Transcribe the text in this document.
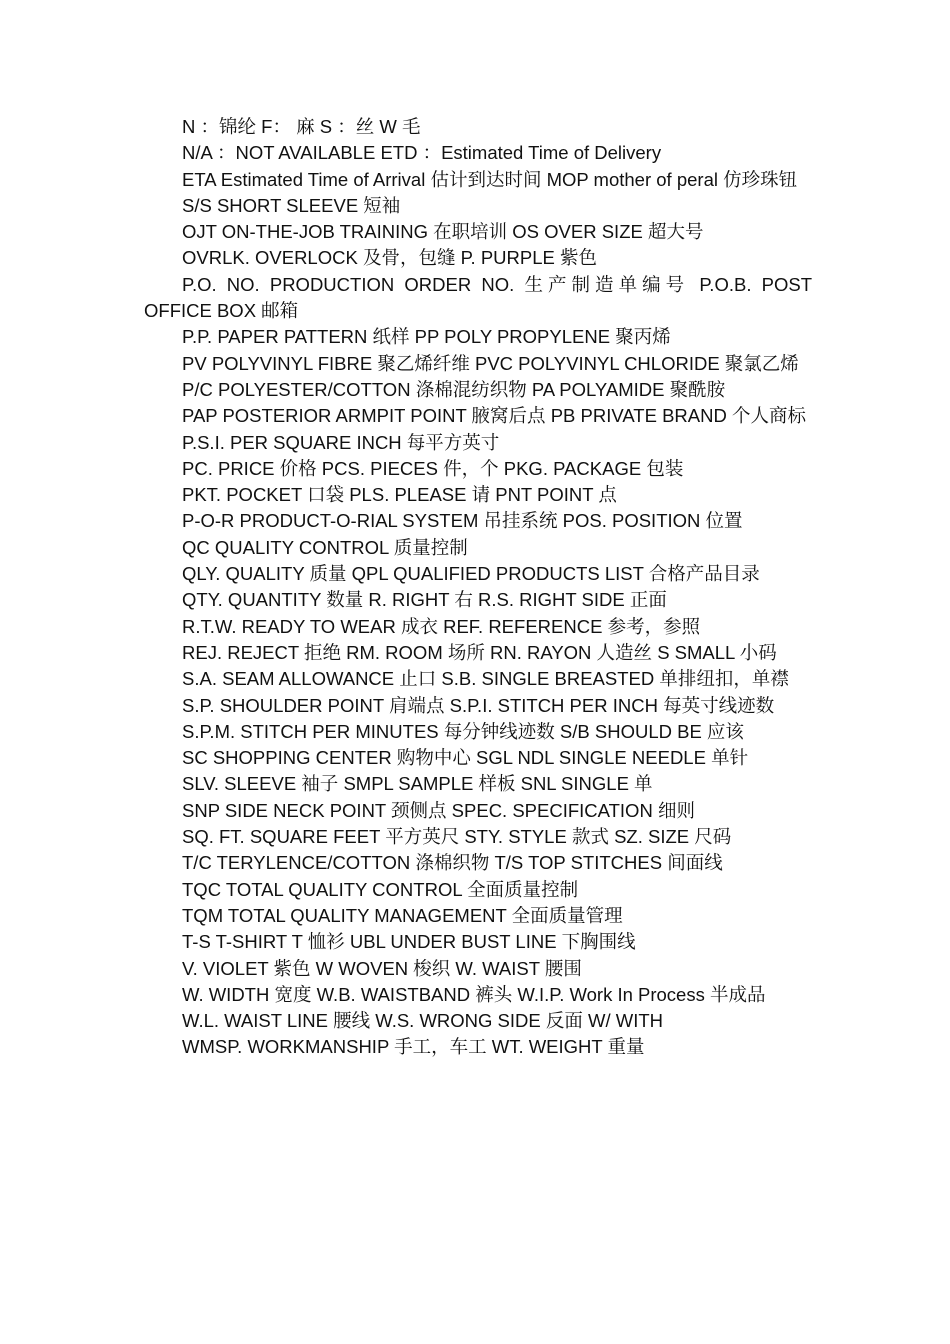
N ：锦纶 F： 麻 S ：丝 W 毛

N/A ：NOT AVAILABLE ETD ：Estimated Time of Delivery

ETA Estimated Time of Arrival 估计到达时间 MOP mother of peral 仿珍珠钮

S/S SHORT SLEEVE 短袖

OJT ON-THE-JOB TRAINING 在职培训 OS OVER SIZE 超大号

OVRLK. OVERLOCK 及骨，包缝 P. PURPLE 紫色

P.O. NO. PRODUCTION ORDER NO. 生产制造单编号 P.O.B. POST OFFICE BOX 邮箱

P.P. PAPER PATTERN 纸样 PP POLY PROPYLENE 聚丙烯

PV POLYVINYL FIBRE 聚乙烯纤维 PVC POLYVINYL CHLORIDE 聚氯乙烯

P/C POLYESTER/COTTON 涤棉混纺织物 PA POLYAMIDE 聚酰胺

PAP POSTERIOR ARMPIT POINT 腋窝后点 PB PRIVATE BRAND 个人商标

P.S.I. PER SQUARE INCH 每平方英寸

PC. PRICE 价格 PCS. PIECES 件，个 PKG. PACKAGE 包装

PKT. POCKET 口袋 PLS. PLEASE 请 PNT POINT 点

P-O-R PRODUCT-O-RIAL SYSTEM 吊挂系统 POS. POSITION 位置

QC QUALITY CONTROL 质量控制

QLY. QUALITY 质量 QPL QUALIFIED PRODUCTS LIST 合格产品目录

QTY. QUANTITY 数量 R. RIGHT 右 R.S. RIGHT SIDE 正面

R.T.W. READY TO WEAR 成衣 REF. REFERENCE 参考，参照

REJ. REJECT 拒绝 RM. ROOM 场所 RN. RAYON 人造丝 S SMALL 小码

S.A. SEAM ALLOWANCE 止口 S.B. SINGLE BREASTED 单排纽扣，单襟

S.P. SHOULDER POINT 肩端点 S.P.I. STITCH PER INCH 每英寸线迹数

S.P.M. STITCH PER MINUTES 每分钟线迹数 S/B SHOULD BE 应该

SC SHOPPING CENTER 购物中心 SGL NDL SINGLE NEEDLE 单针

SLV. SLEEVE 袖子 SMPL SAMPLE 样板 SNL SINGLE 单

SNP SIDE NECK POINT 颈侧点 SPEC. SPECIFICATION 细则

SQ. FT. SQUARE FEET 平方英尺 STY. STYLE 款式 SZ. SIZE 尺码

T/C TERYLENCE/COTTON 涤棉织物 T/S TOP STITCHES 间面线

TQC TOTAL QUALITY CONTROL 全面质量控制

TQM TOTAL QUALITY MANAGEMENT 全面质量管理

T-S T-SHIRT T 恤衫 UBL UNDER BUST LINE 下胸围线

V. VIOLET 紫色 W WOVEN 梭织 W. WAIST 腰围

W. WIDTH 宽度 W.B. WAISTBAND 裤头 W.I.P. Work In Process 半成品

W.L. WAIST LINE 腰线 W.S. WRONG SIDE 反面 W/ WITH

WMSP. WORKMANSHIP 手工，车工 WT. WEIGHT 重量
